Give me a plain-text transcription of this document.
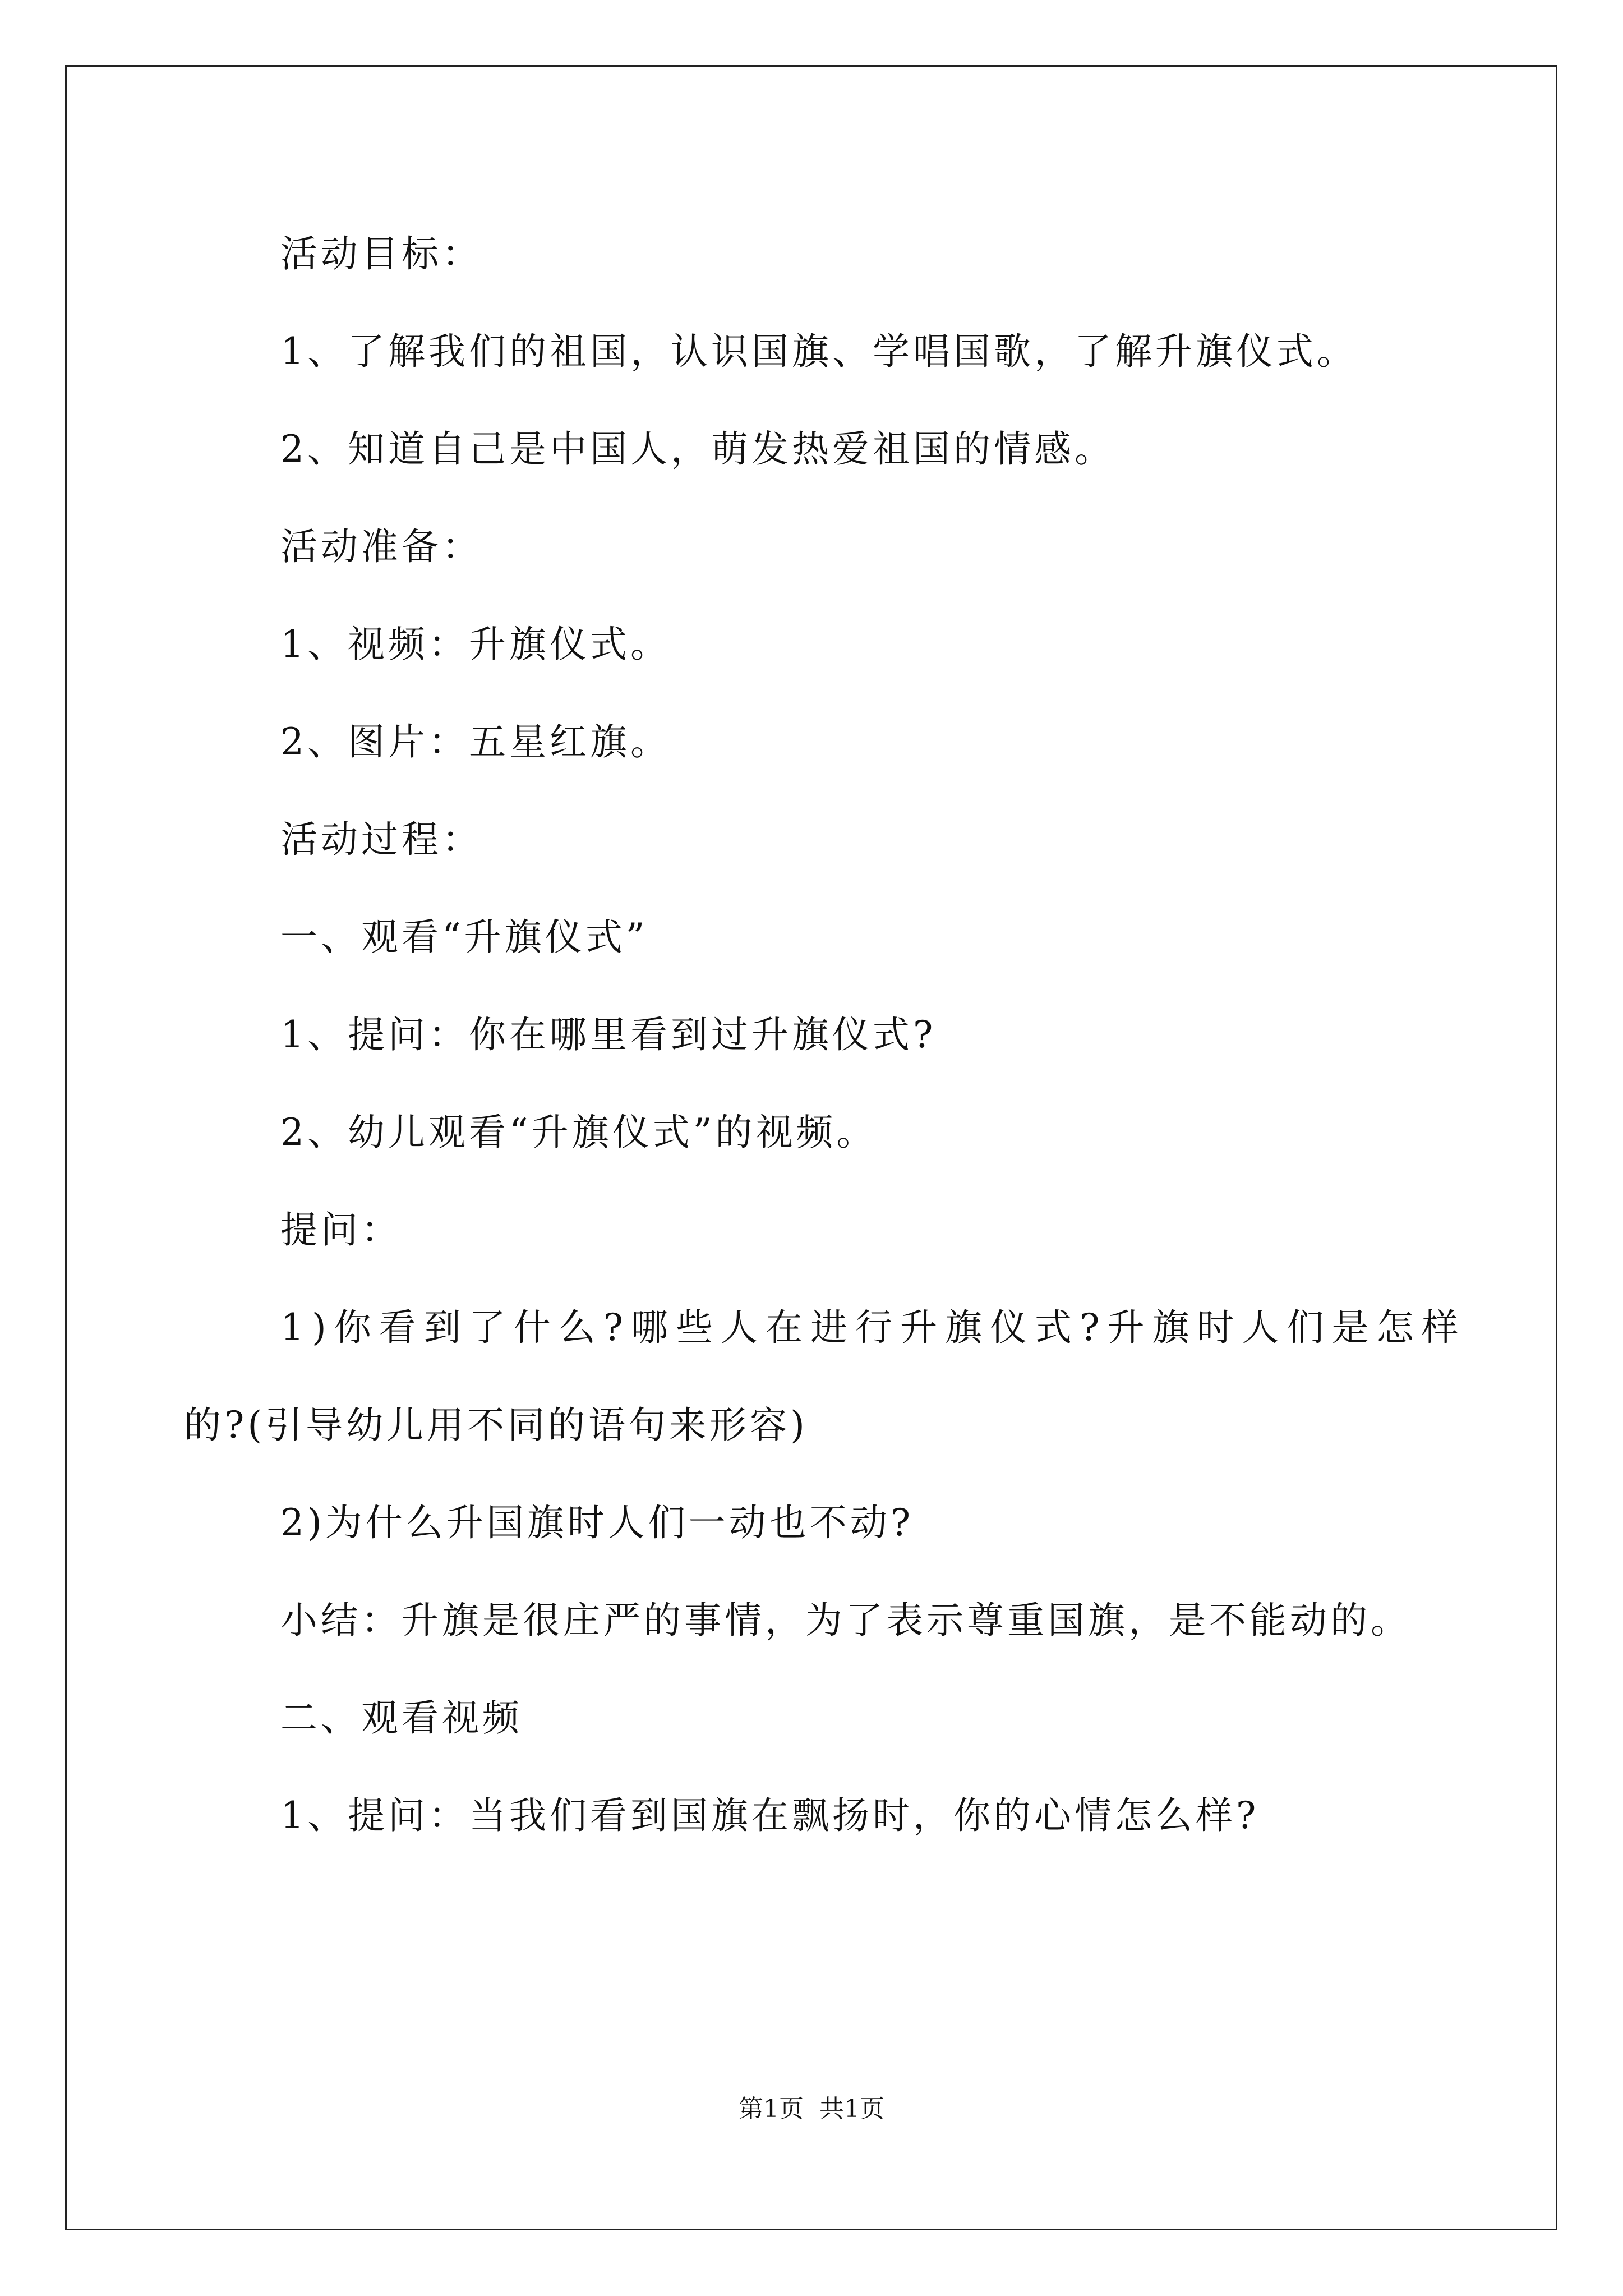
活动目标：
1、了解我们的祖国，认识国旗、学唱国歌，了解升旗仪式。
2、知道自己是中国人，萌发热爱祖国的情感。
活动准备：
1、视频：升旗仪式。
2、图片：五星红旗。
活动过程：
一、观看“升旗仪式”
1、提问：你在哪里看到过升旗仪式?
2、幼儿观看“升旗仪式”的视频。
提问：
1)你看到了什么?哪些人在进行升旗仪式?升旗时人们是怎样
的?(引导幼儿用不同的语句来形容)
2)为什么升国旗时人们一动也不动?
小结：升旗是很庄严的事情，为了表示尊重国旗，是不能动的。
二、观看视频
1、提问：当我们看到国旗在飘扬时，你的心情怎么样?
第1页  共1页
